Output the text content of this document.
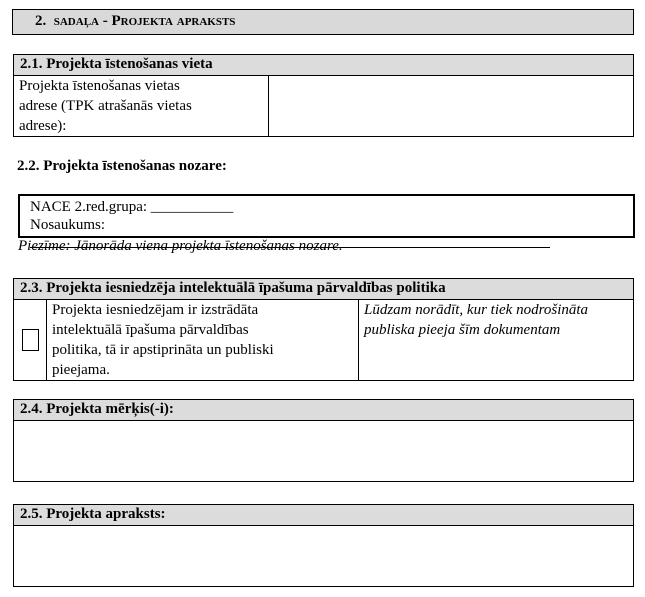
2. sadaļa - Projekta apraksts
2.1. Projekta īstenošanas vieta

Projekta īstenošanas vietas
adrese (TPK atrašanās vietas
adrese):

2.2. Projekta īstenošanas nozare:
NACE 2.red.grupa: ___________
Nosaukums:
Piezīme: Jānorāda viena projekta īstenošanas nozare.
2.3. Projekta iesniedzēja intelektuālā īpašuma pārvaldības politika

Projekta iesniedzējam ir izstrādāta
intelektuālā īpašuma pārvaldības
politika, tā ir apstiprināta un publiski
pieejama.

Lūdzam norādīt, kur tiek nodrošināta
publiska pieeja šīm dokumentam
2.4. Projekta mērķis(-i):

2.5. Projekta apraksts:
